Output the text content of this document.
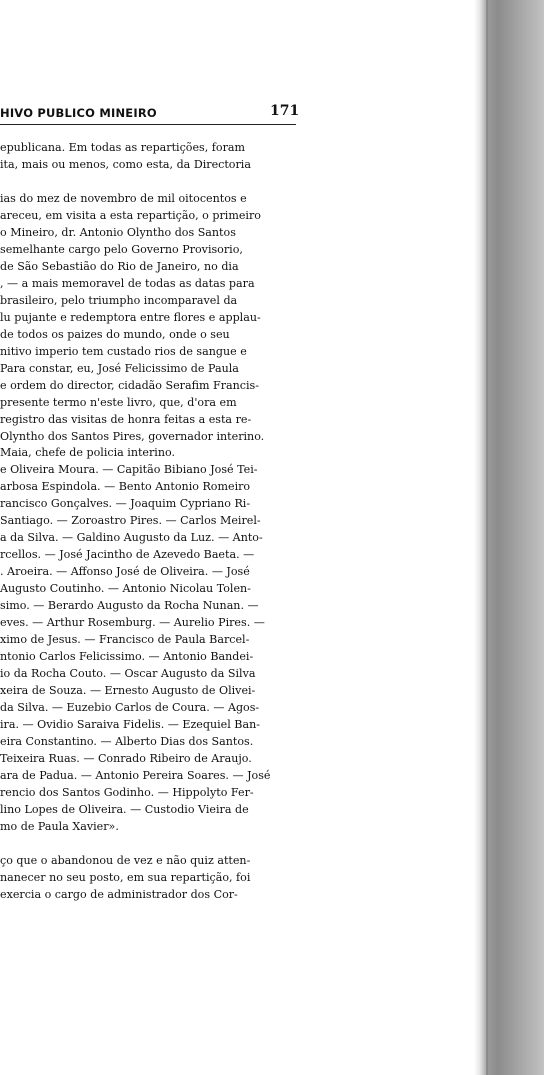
HIVO PUBLICO MINEIRO	171
epublicana. Em todas as repartições, foram
ita, mais ou menos, como esta, da Directoria
ias do mez de novembro de mil oitocentos e
areceu, em visita a esta repartição, o primeiro
o Mineiro, dr. Antonio Olyntho dos Santos
semelhante cargo pelo Governo Provisorio,
de São Sebastião do Rio de Janeiro, no dia
, — a mais memoravel de todas as datas para
brasileiro, pelo triumpho incomparavel da
lu pujante e redemptora entre flores e applau-
de todos os paizes do mundo, onde o seu
nitivo imperio tem custado rios de sangue e
Para constar, eu, José Felicissimo de Paula
e ordem do director, cidadão Serafim Francis-
presente termo n'este livro, que, d'ora em
registro das visitas de honra feitas a esta re-
Olyntho dos Santos Pires, governador interino.
Maia, chefe de policia interino.
e Oliveira Moura. — Capitão Bibiano José Tei-
arbosa Espindola. — Bento Antonio Romeiro
rancisco Gonçalves. — Joaquim Cypriano Ri-
Santiago. — Zoroastro Pires. — Carlos Meirel-
a da Silva. — Galdino Augusto da Luz. — Anto-
rcellos. — José Jacintho de Azevedo Baeta. —
. Aroeira. — Affonso José de Oliveira. — José
Augusto Coutinho. — Antonio Nicolau Tolen-
simo. — Berardo Augusto da Rocha Nunan. —
eves. — Arthur Rosemburg. — Aurelio Pires. —
ximo de Jesus. — Francisco de Paula Barcel-
ntonio Carlos Felicissimo. — Antonio Bandei-
io da Rocha Couto. — Oscar Augusto da Silva
xeira de Souza. — Ernesto Augusto de Olivei-
da Silva. — Euzebio Carlos de Coura. — Agos-
ira. — Ovidio Saraiva Fidelis. — Ezequiel Ban-
eira Constantino. — Alberto Dias dos Santos.
Teixeira Ruas. — Conrado Ribeiro de Araujo.
ara de Padua. — Antonio Pereira Soares. — José
rencio dos Santos Godinho. — Hippolyto Fer-
lino Lopes de Oliveira. — Custodio Vieira de
mo de Paula Xavier».
ço que o abandonou de vez e não quiz atten-
nanecer no seu posto, em sua repartição, foi
exercia o cargo de administrador dos Cor-
